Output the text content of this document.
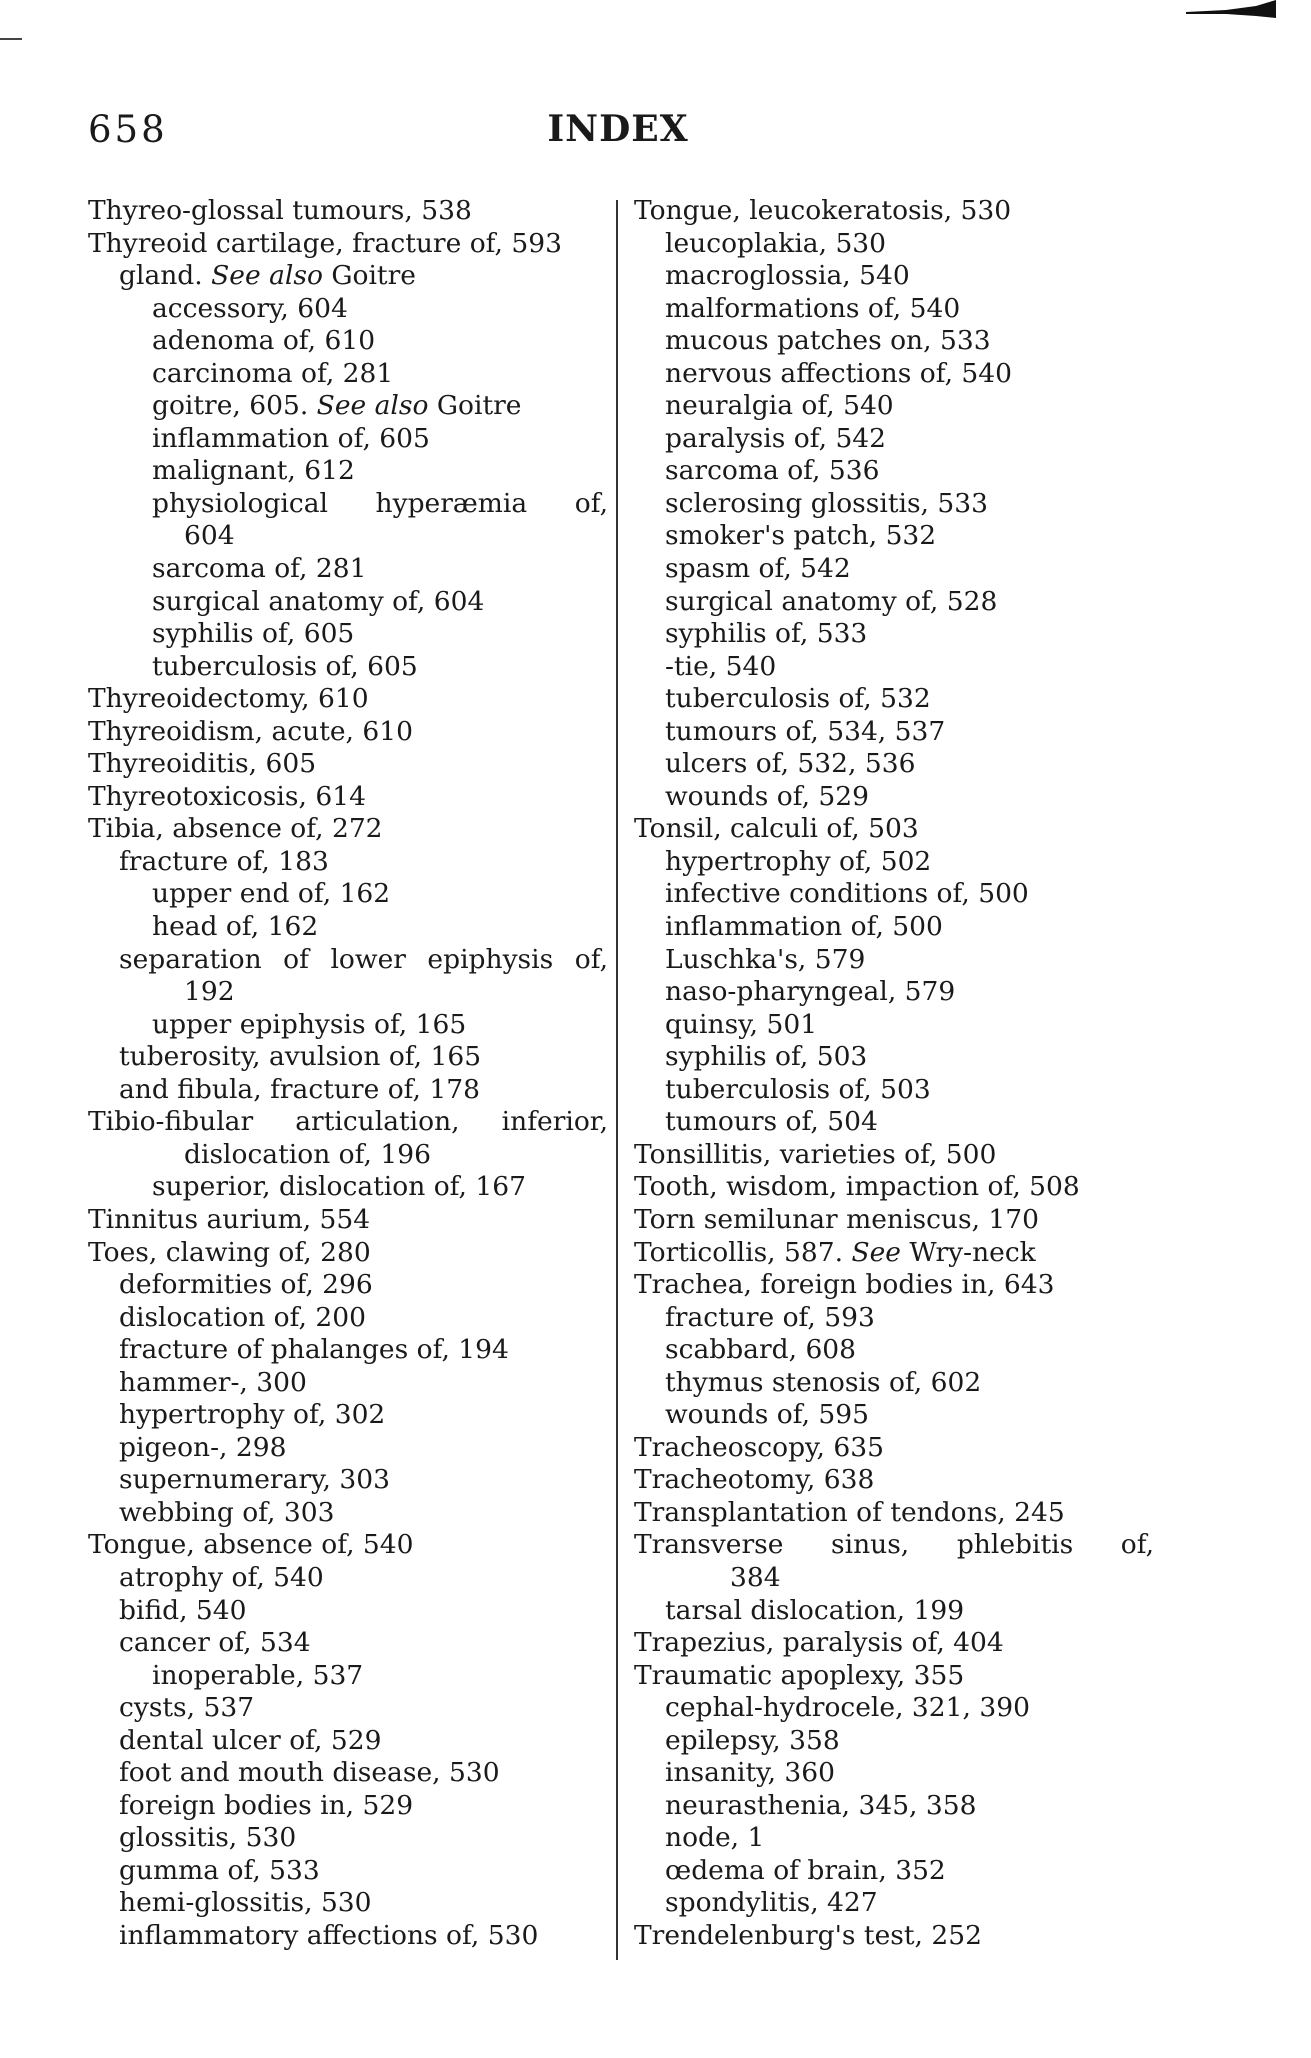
658	INDEX
Thyreo-glossal tumours, 538
Thyreoid cartilage, fracture of, 593
gland. See also Goitre
accessory, 604
adenoma of, 610
carcinoma of, 281
goitre, 605. See also Goitre
inflammation of, 605
malignant, 612
physiological hyperæmia of,
604
sarcoma of, 281
surgical anatomy of, 604
syphilis of, 605
tuberculosis of, 605
Thyreoidectomy, 610
Thyreoidism, acute, 610
Thyreoiditis, 605
Thyreotoxicosis, 614
Tibia, absence of, 272
fracture of, 183
upper end of, 162
head of, 162
separation of lower epiphysis of,
192
upper epiphysis of, 165
tuberosity, avulsion of, 165
and fibula, fracture of, 178
Tibio-fibular articulation, inferior,
dislocation of, 196
superior, dislocation of, 167
Tinnitus aurium, 554
Toes, clawing of, 280
deformities of, 296
dislocation of, 200
fracture of phalanges of, 194
hammer-, 300
hypertrophy of, 302
pigeon-, 298
supernumerary, 303
webbing of, 303
Tongue, absence of, 540
atrophy of, 540
bifid, 540
cancer of, 534
inoperable, 537
cysts, 537
dental ulcer of, 529
foot and mouth disease, 530
foreign bodies in, 529
glossitis, 530
gumma of, 533
hemi-glossitis, 530
inflammatory affections of, 530
Tongue, leucokeratosis, 530
leucoplakia, 530
macroglossia, 540
malformations of, 540
mucous patches on, 533
nervous affections of, 540
neuralgia of, 540
paralysis of, 542
sarcoma of, 536
sclerosing glossitis, 533
smoker's patch, 532
spasm of, 542
surgical anatomy of, 528
syphilis of, 533
-tie, 540
tuberculosis of, 532
tumours of, 534, 537
ulcers of, 532, 536
wounds of, 529
Tonsil, calculi of, 503
hypertrophy of, 502
infective conditions of, 500
inflammation of, 500
Luschka's, 579
naso-pharyngeal, 579
quinsy, 501
syphilis of, 503
tuberculosis of, 503
tumours of, 504
Tonsillitis, varieties of, 500
Tooth, wisdom, impaction of, 508
Torn semilunar meniscus, 170
Torticollis, 587. See Wry-neck
Trachea, foreign bodies in, 643
fracture of, 593
scabbard, 608
thymus stenosis of, 602
wounds of, 595
Tracheoscopy, 635
Tracheotomy, 638
Transplantation of tendons, 245
Transverse sinus, phlebitis of,
384
tarsal dislocation, 199
Trapezius, paralysis of, 404
Traumatic apoplexy, 355
cephal-hydrocele, 321, 390
epilepsy, 358
insanity, 360
neurasthenia, 345, 358
node, 1
œdema of brain, 352
spondylitis, 427
Trendelenburg's test, 252
